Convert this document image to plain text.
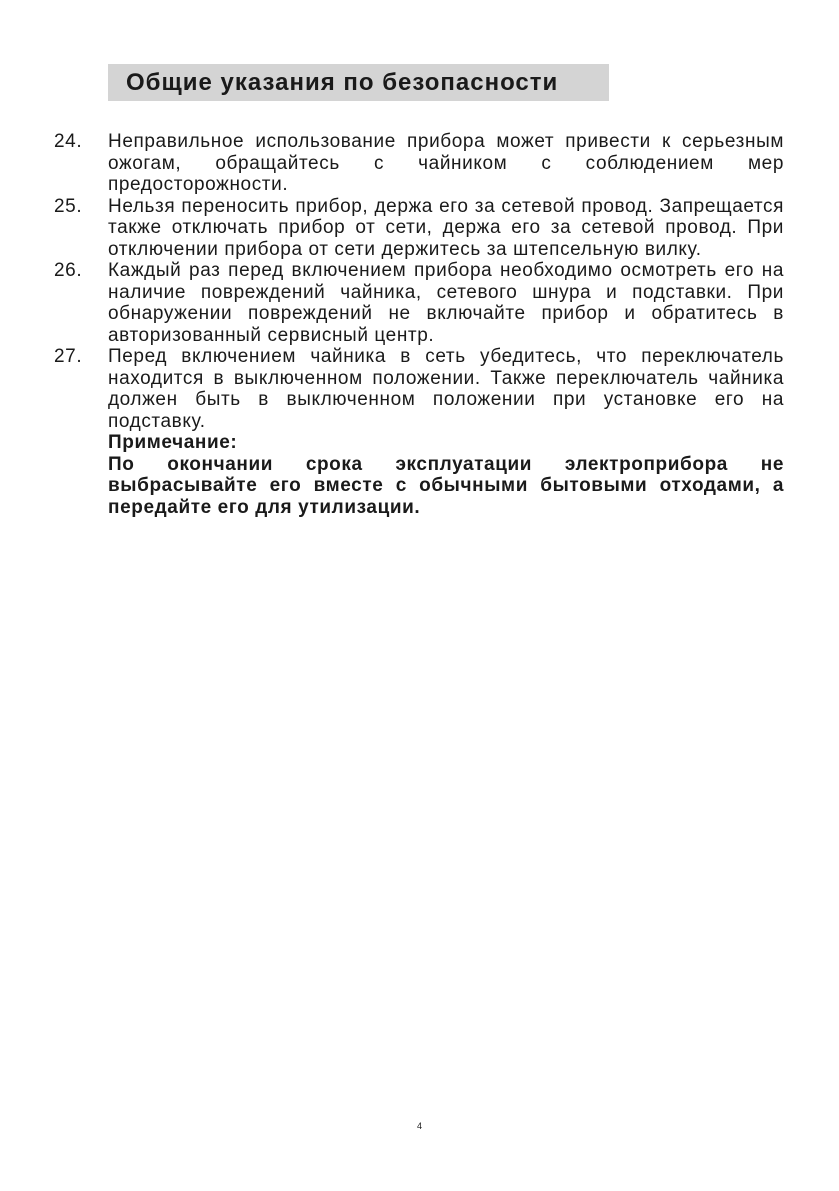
Общие указания по безопасности
24. Неправильное использование прибора может привести к серьезным ожогам, обращайтесь с чайником с соблюдением мер предосторожности.
25. Нельзя переносить прибор, держа его за сетевой провод. Запрещается также отключать прибор от сети, держа его за сетевой провод. При отключении прибора от сети держитесь за штепсельную вилку.
26. Каждый раз перед включением прибора необходимо осмотреть его на наличие повреждений чайника, сетевого шнура и подставки. При обнаружении повреждений не включайте прибор и обратитесь в авторизованный сервисный центр.
27. Перед включением чайника в сеть убедитесь, что переключатель находится в выключенном положении. Также переключатель чайника должен быть в выключенном положении при установке его на подставку.
Примечание:
По окончании срока эксплуатации электроприбора не выбрасывайте его вместе с обычными бытовыми отходами, а передайте его для утилизации.
4
